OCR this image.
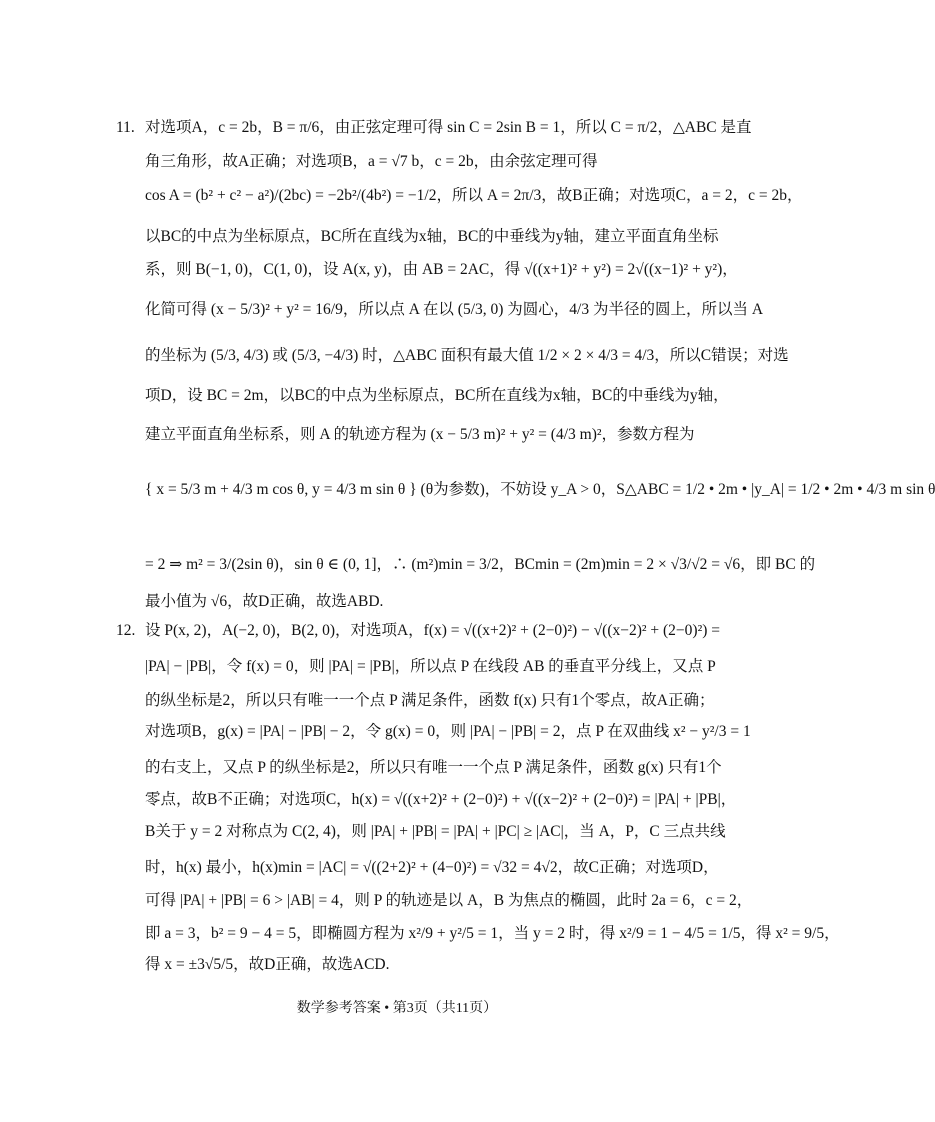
11. 对选项A，c = 2b，B = π/6，由正弦定理可得 sin C = 2sin B = 1，所以 C = π/2，△ABC 是直
角三角形，故A正确；对选项B，a = √7 b，c = 2b，由余弦定理可得
cos A = (b² + c² − a²)/(2bc) = −2b²/(4b²) = −1/2，所以 A = 2π/3，故B正确；对选项C，a = 2，c = 2b，
以BC的中点为坐标原点，BC所在直线为x轴，BC的中垂线为y轴，建立平面直角坐标
系，则 B(−1, 0)，C(1, 0)，设 A(x, y)，由 AB = 2AC，得 √((x+1)² + y²) = 2√((x−1)² + y²)，
化简可得 (x − 5/3)² + y² = 16/9，所以点 A 在以 (5/3, 0) 为圆心，4/3 为半径的圆上，所以当 A
的坐标为 (5/3, 4/3) 或 (5/3, −4/3) 时，△ABC 面积有最大值 1/2 × 2 × 4/3 = 4/3，所以C错误；对选
项D，设 BC = 2m，以BC的中点为坐标原点，BC所在直线为x轴，BC的中垂线为y轴，
建立平面直角坐标系，则 A 的轨迹方程为 (x − 5/3 m)² + y² = (4/3 m)²，参数方程为
{ x = 5/3 m + 4/3 m cos θ, y = 4/3 m sin θ } (θ为参数)，不妨设 y_A > 0，S△ABC = 1/2 • 2m • |y_A| = 1/2 • 2m • 4/3 m sin θ
= 2 ⇒ m² = 3/(2sin θ)，sin θ ∈ (0, 1]，∴ (m²)min = 3/2，BCmin = (2m)min = 2 × √3/√2 = √6，即 BC 的
最小值为 √6，故D正确，故选ABD.
12. 设 P(x, 2)，A(−2, 0)，B(2, 0)，对选项A，f(x) = √((x+2)² + (2−0)²) − √((x−2)² + (2−0)²) =
|PA| − |PB|，令 f(x) = 0，则 |PA| = |PB|，所以点 P 在线段 AB 的垂直平分线上，又点 P
的纵坐标是2，所以只有唯一一个点 P 满足条件，函数 f(x) 只有1个零点，故A正确；
对选项B，g(x) = |PA| − |PB| − 2，令 g(x) = 0，则 |PA| − |PB| = 2，点 P 在双曲线 x² − y²/3 = 1
的右支上，又点 P 的纵坐标是2，所以只有唯一一个点 P 满足条件，函数 g(x) 只有1个
零点，故B不正确；对选项C，h(x) = √((x+2)² + (2−0)²) + √((x−2)² + (2−0)²) = |PA| + |PB|，
B关于 y = 2 对称点为 C(2, 4)，则 |PA| + |PB| = |PA| + |PC| ≥ |AC|，当 A，P，C 三点共线
时，h(x) 最小，h(x)min = |AC| = √((2+2)² + (4−0)²) = √32 = 4√2，故C正确；对选项D，
可得 |PA| + |PB| = 6 > |AB| = 4，则 P 的轨迹是以 A，B 为焦点的椭圆，此时 2a = 6，c = 2，
即 a = 3，b² = 9 − 4 = 5，即椭圆方程为 x²/9 + y²/5 = 1，当 y = 2 时，得 x²/9 = 1 − 4/5 = 1/5，得 x² = 9/5，
得 x = ±3√5/5，故D正确，故选ACD.
数学参考答案 • 第3页（共11页）
